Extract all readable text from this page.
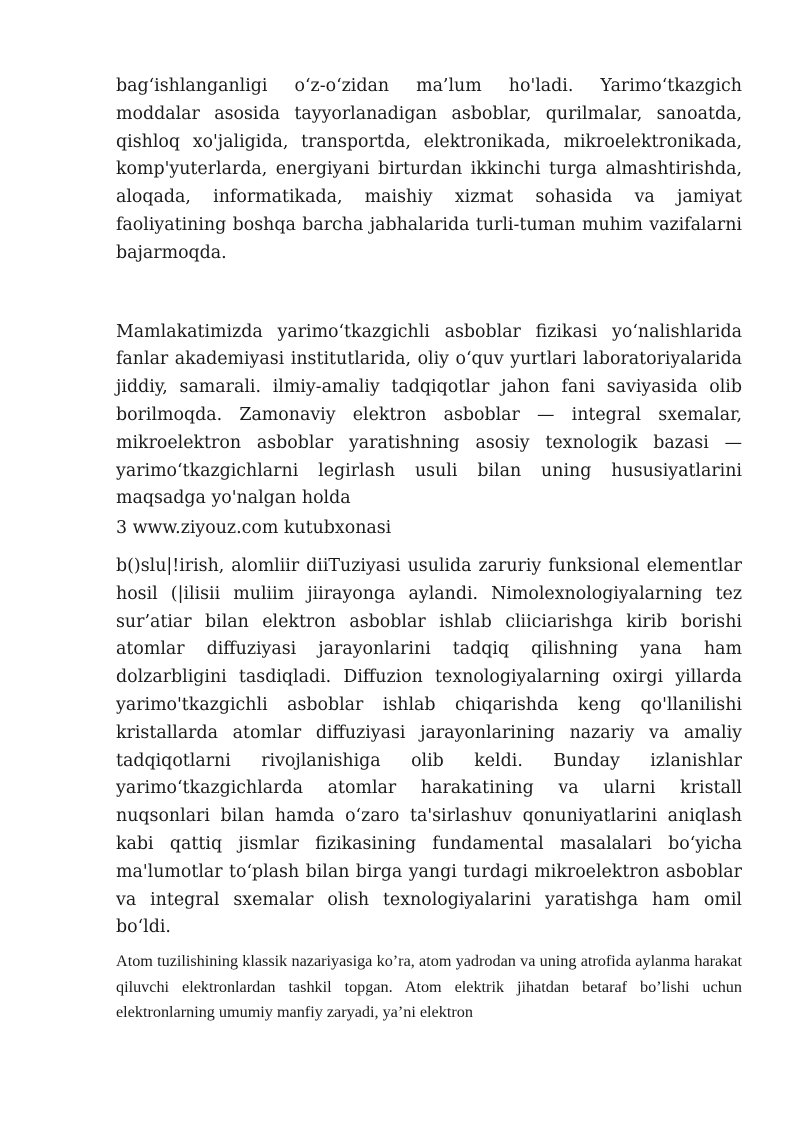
bag‘ishlanganligi o‘z-o‘zidan ma’lum ho'ladi. Yarimo‘tkazgich moddalar asosida tayyorlanadigan asboblar, qurilmalar, sanoatda, qishloq xo'jaligida, transportda, elektronikada, mikroelektronikada, komp'yuterlarda, energiyani birturdan ikkinchi turga almashtirishda, aloqada, informatikada, maishiy xizmat sohasida va jamiyat faoliyatining boshqa barcha jabhalarida turli-tuman muhim vazifalarni bajarmoqda.

Mamlakatimizda yarimo‘tkazgichli asboblar fizikasi yo‘nalishlarida fanlar akademiyasi institutlarida, oliy o‘quv yurtlari laboratoriyalarida jiddiy, samarali. ilmiy-amaliy tadqiqotlar jahon fani saviyasida olib borilmoqda. Zamonaviy elektron asboblar — integral sxemalar, mikroelektron asboblar yaratishning asosiy texnologik bazasi — yarimo‘tkazgichlarni legirlash usuli bilan uning hususiyatlarini maqsadga yo'nalgan holda

3 www.ziyouz.com kutubxonasi

b()slu|!irish, alomliir diiTuziyasi usulida zaruriy funksional elementlar hosil (|ilisii muliim jiirayonga aylandi. Nimolexnologiyalarning tez sur’atiar bilan elektron asboblar ishlab cliiciarishga kirib borishi atomlar diffuziyasi jarayonlarini tadqiq qilishning yana ham dolzarbligini tasdiqladi. Diffuzion texnologiyalarning oxirgi yillarda yarimo'tkazgichli asboblar ishlab chiqarishda keng qo'llanilishi kristallarda atomlar diffuziyasi jarayonlarining nazariy va amaliy tadqiqotlarni rivojlanishiga olib keldi. Bunday izlanishlar yarimo‘tkazgichlarda atomlar harakatining va ularni kristall nuqsonlari bilan hamda o‘zaro ta'sirlashuv qonuniyatlarini aniqlash kabi qattiq jismlar fizikasining fundamental masalalari bo‘yicha ma'lumotlar to‘plash bilan birga yangi turdagi mikroelektron asboblar va integral sxemalar olish texnologiyalarini yaratishga ham omil bo‘ldi.

Atom tuzilishining klassik nazariyasiga ko’ra, atom yadrodan va uning atrofida aylanma harakat qiluvchi elektronlardan tashkil topgan. Atom elektrik jihatdan betaraf bo’lishi uchun elektronlarning umumiy manfiy zaryadi, ya’ni elektron
